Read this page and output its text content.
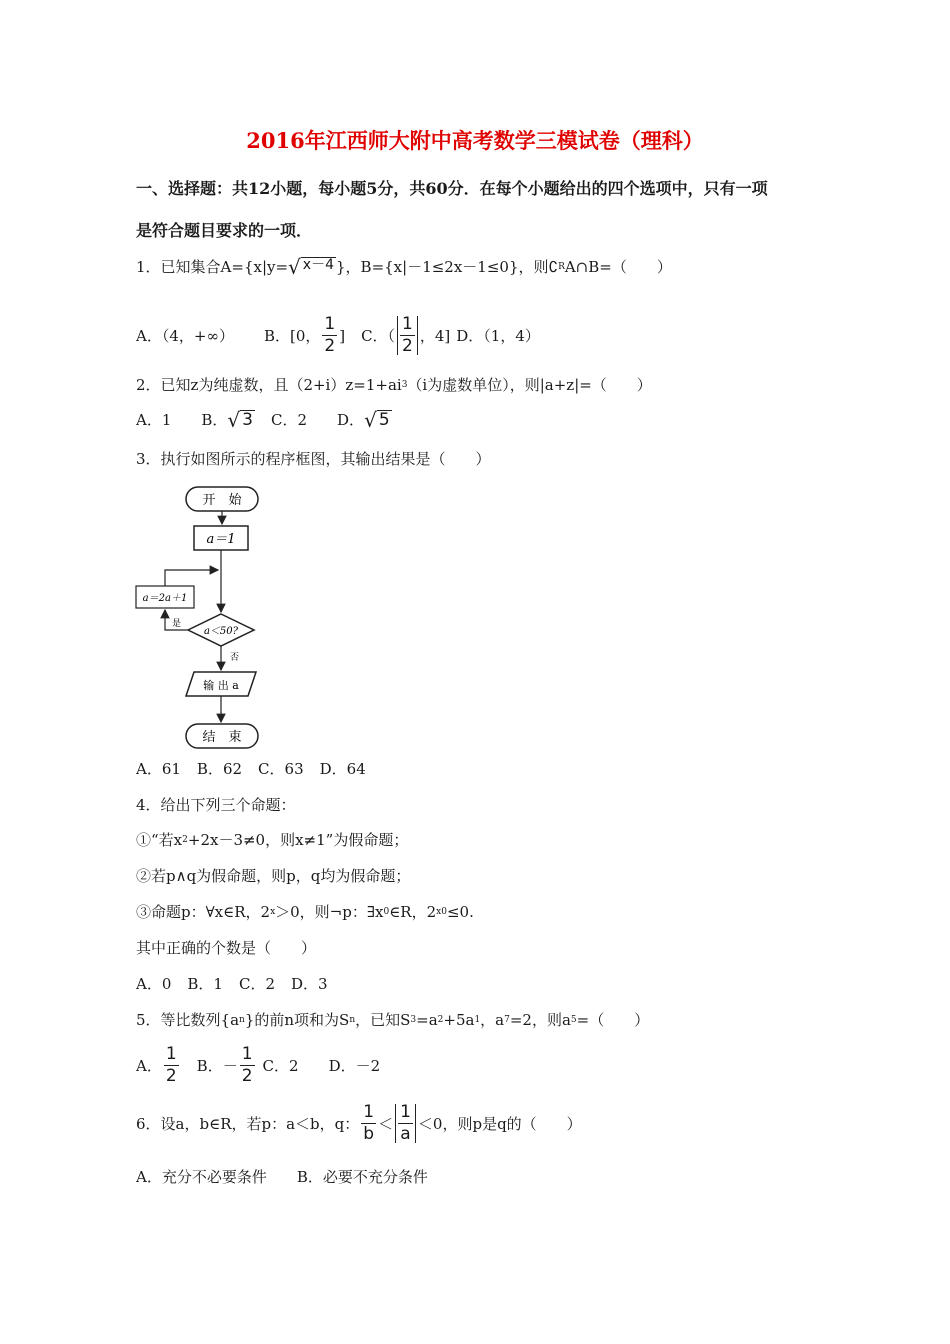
2016年江西师大附中高考数学三模试卷（理科）
一、选择题：共12小题，每小题5分，共60分．在每个小题给出的四个选项中，只有一项
是符合题目要求的一项．
1．已知集合A={x|y= √ x－4 }，B={x|－1≤2x－1≤0}，则∁ R A∩B=（　　）
A．（4，+∞） B．[0， $\frac{1}{2}$ ] C．（ $\frac{1}{2}$ ，4] D．（1，4）
2．已知z为纯虚数，且（2+i）z=1+ai 3 （i为虚数单位），则|a+z|=（　　）
A．1 B． √ 3 C．2 D． √ 5
3．执行如图所示的程序框图，其输出结果是（　　）
开　始
a＝1
a＝2a＋1
a＜50?
是
否
输 出 a
结　束
A．61 B．62 C．63 D．64
4．给出下列三个命题：
①“若x 2 +2x－3≠0，则x≠1”为假命题；
②若p∧q为假命题，则p，q均为假命题；
③命题p：∀x∈R，2 x ＞0，则¬p：∃x 0 ∈R，2 x0 ≤0.
其中正确的个数是（　　）
A．0 B．1 C．2 D．3
5．等比数列{a n }的前n项和为S n ，已知S 3 =a 2 +5a 1 ，a 7 =2，则a 5 =（　　）
A． $\frac{1}{2}$ B．－ $\frac{1}{2}$ C．2 D．－2
6．设a，b∈R，若p：a＜b，q： $\frac{1}{b} < \frac{1}{a} <0$，则p是q的（　　）
A．充分不必要条件 B．必要不充分条件
